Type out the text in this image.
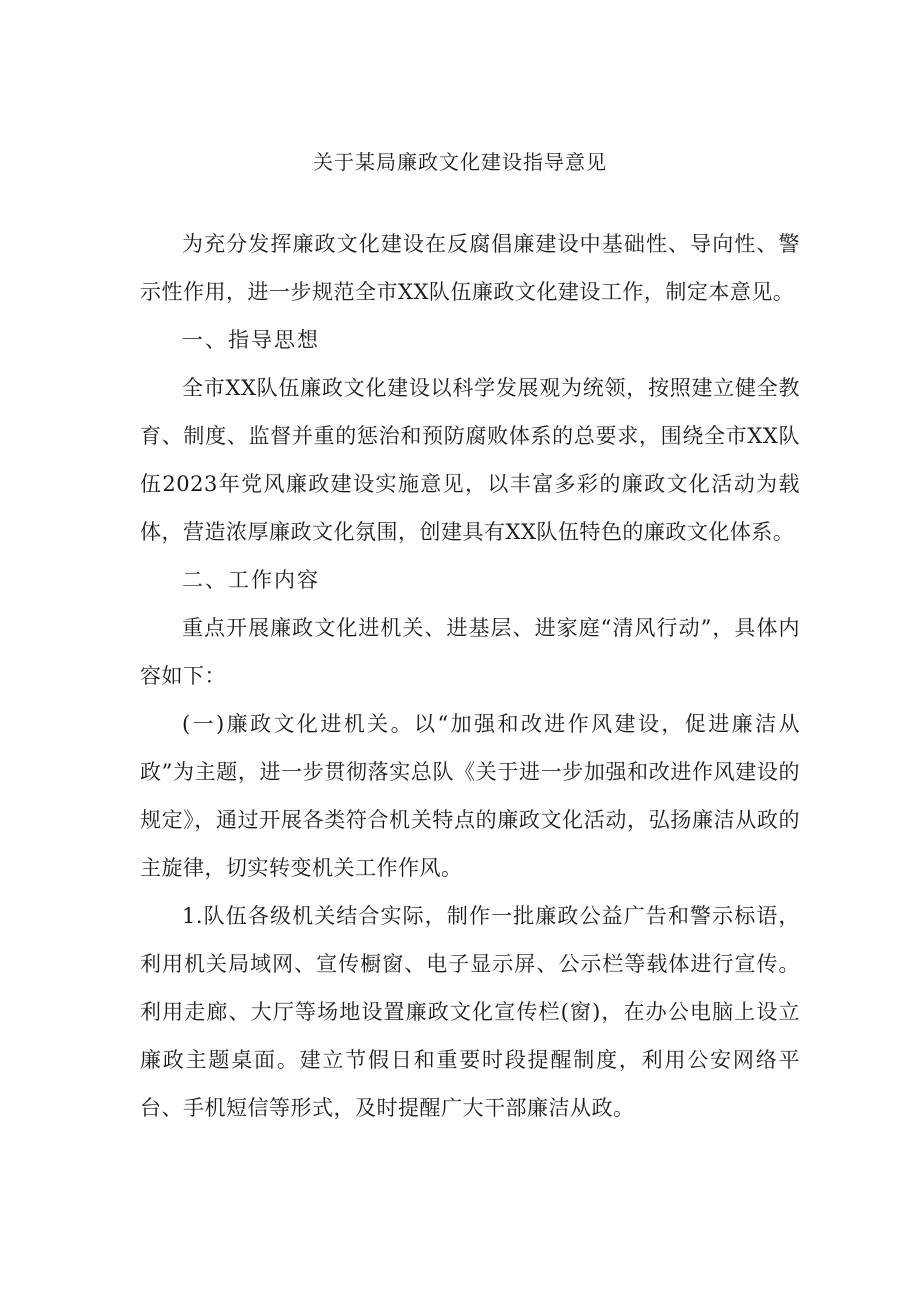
关于某局廉政文化建设指导意见

为充分发挥廉政文化建设在反腐倡廉建设中基础性、导向性、警示性作用，进一步规范全市XX队伍廉政文化建设工作，制定本意见。

一、指导思想

全市XX队伍廉政文化建设以科学发展观为统领，按照建立健全教育、制度、监督并重的惩治和预防腐败体系的总要求，围绕全市XX队伍2023年党风廉政建设实施意见，以丰富多彩的廉政文化活动为载体，营造浓厚廉政文化氛围，创建具有XX队伍特色的廉政文化体系。

二、工作内容

重点开展廉政文化进机关、进基层、进家庭“清风行动”，具体内容如下：

(一)廉政文化进机关。以“加强和改进作风建设，促进廉洁从政”为主题，进一步贯彻落实总队《关于进一步加强和改进作风建设的规定》，通过开展各类符合机关特点的廉政文化活动，弘扬廉洁从政的主旋律，切实转变机关工作作风。

1.队伍各级机关结合实际，制作一批廉政公益广告和警示标语，利用机关局域网、宣传橱窗、电子显示屏、公示栏等载体进行宣传。利用走廊、大厅等场地设置廉政文化宣传栏(窗)，在办公电脑上设立廉政主题桌面。建立节假日和重要时段提醒制度，利用公安网络平台、手机短信等形式，及时提醒广大干部廉洁从政。
